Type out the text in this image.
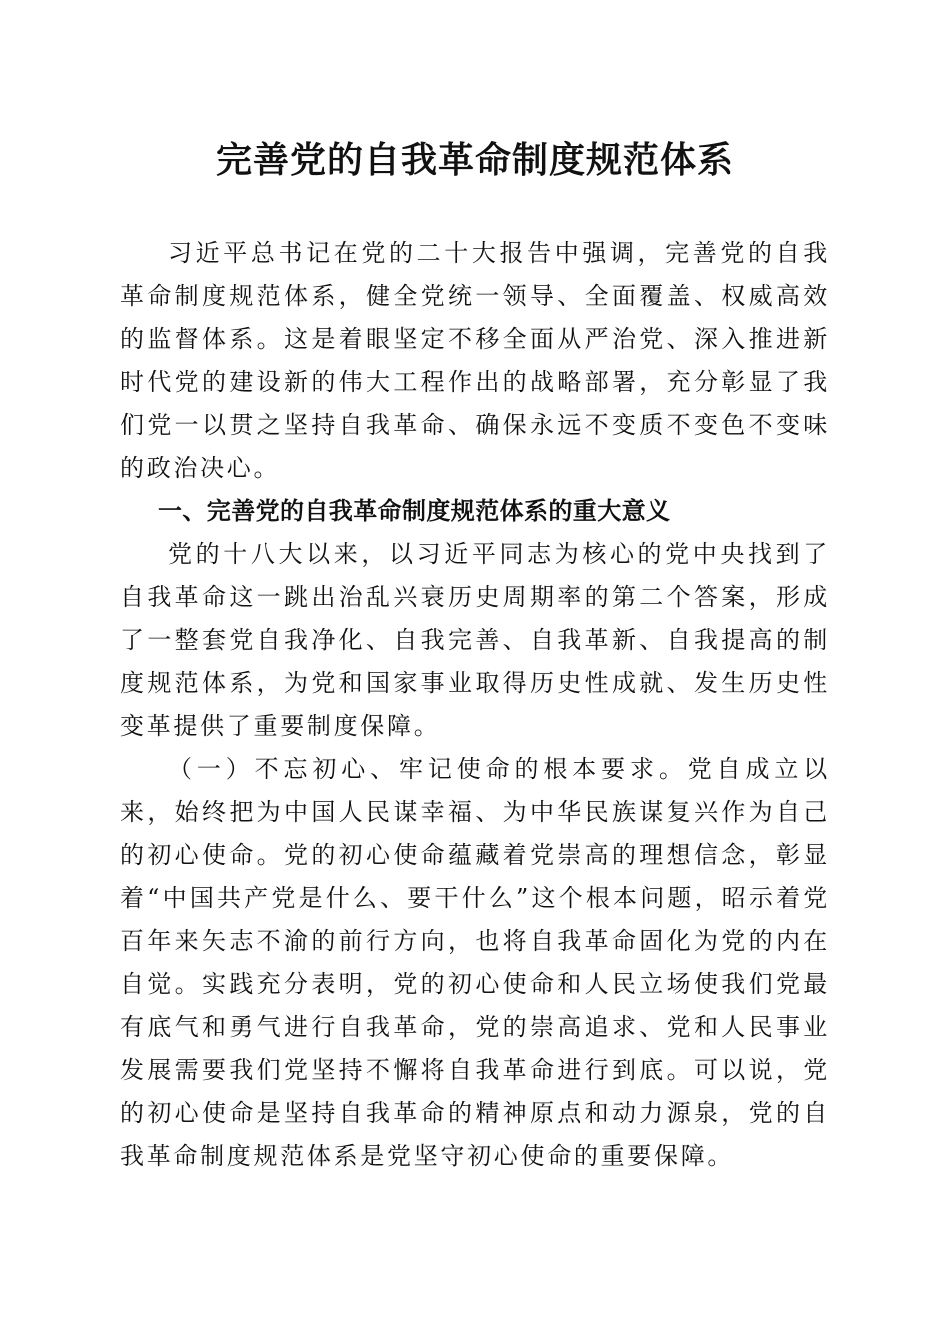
完善党的自我革命制度规范体系

习近平总书记在党的二十大报告中强调，完善党的自我革命制度规范体系，健全党统一领导、全面覆盖、权威高效的监督体系。这是着眼坚定不移全面从严治党、深入推进新时代党的建设新的伟大工程作出的战略部署，充分彰显了我们党一以贯之坚持自我革命、确保永远不变质不变色不变味的政治决心。

一、完善党的自我革命制度规范体系的重大意义

党的十八大以来，以习近平同志为核心的党中央找到了自我革命这一跳出治乱兴衰历史周期率的第二个答案，形成了一整套党自我净化、自我完善、自我革新、自我提高的制度规范体系，为党和国家事业取得历史性成就、发生历史性变革提供了重要制度保障。

（一）不忘初心、牢记使命的根本要求。党自成立以来，始终把为中国人民谋幸福、为中华民族谋复兴作为自己的初心使命。党的初心使命蕴藏着党崇高的理想信念，彰显着“中国共产党是什么、要干什么”这个根本问题，昭示着党百年来矢志不渝的前行方向，也将自我革命固化为党的内在自觉。实践充分表明，党的初心使命和人民立场使我们党最有底气和勇气进行自我革命，党的崇高追求、党和人民事业发展需要我们党坚持不懈将自我革命进行到底。可以说，党的初心使命是坚持自我革命的精神原点和动力源泉，党的自我革命制度规范体系是党坚守初心使命的重要保障。
